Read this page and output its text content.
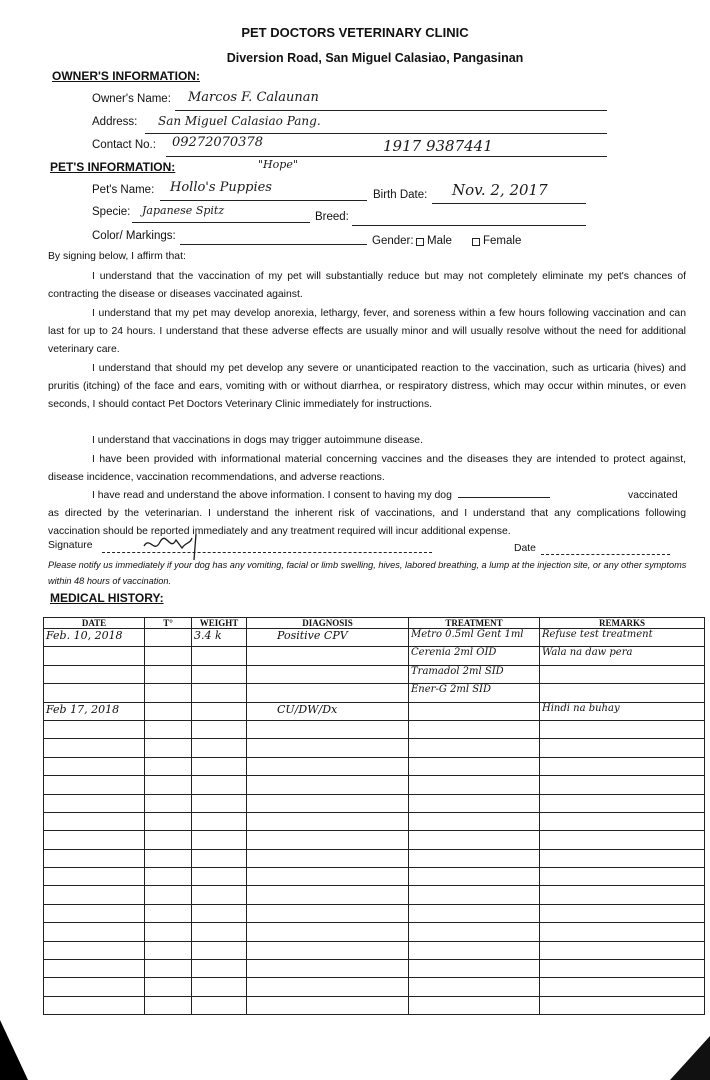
PET DOCTORS VETERINARY CLINIC
Diversion Road, San Miguel Calasiao, Pangasinan
OWNER'S INFORMATION:
Owner's Name: Marcos F. Calaunan
Address: San Miguel Calasiao Pang.
Contact No.: 09272070378	1917 9387441
PET'S INFORMATION:	"Hope"
Pet's Name: Hollo's Puppies	Birth Date: Nov. 2, 2017
Specie: Japanese Spitz	Breed:
Color/ Markings:	Gender: Male	Female
By signing below, I affirm that:
I understand that the vaccination of my pet will substantially reduce but may not completely eliminate my pet's chances of contracting the disease or diseases vaccinated against.
I understand that my pet may develop anorexia, lethargy, fever, and soreness within a few hours following vaccination and can last for up to 24 hours. I understand that these adverse effects are usually minor and will usually resolve without the need for additional veterinary care.
I understand that should my pet develop any severe or unanticipated reaction to the vaccination, such as urticaria (hives) and pruritis (itching) of the face and ears, vomiting with or without diarrhea, or respiratory distress, which may occur within minutes, or even seconds, I should contact Pet Doctors Veterinary Clinic immediately for instructions.
I understand that vaccinations in dogs may trigger autoimmune disease.
I have been provided with informational material concerning vaccines and the diseases they are intended to protect against, disease incidence, vaccination recommendations, and adverse reactions.
I have read and understand the above information. I consent to having my dog	vaccinated as directed by the veterinarian. I understand the inherent risk of vaccinations, and I understand that any complications following vaccination should be reported immediately and any treatment required will incur additional expense.
Signature	Date
Please notify us immediately if your dog has any vomiting, facial or limb swelling, hives, labored breathing, a lump at the injection site, or any other symptoms within 48 hours of vaccination.
MEDICAL HISTORY:
DATE	T°	WEIGHT	DIAGNOSIS	TREATMENT	REMARKS
Feb. 10, 2018		3.4 k	Positive CPV	Metro 0.5ml Gent 1ml	Refuse test treatment
				Cerenia 2ml OID	Wala na daw pera
				Tramadol 2ml SID	
				Ener-G 2ml SID	
Feb 17, 2018			CU/DW/Dx		Hindi na buhay
